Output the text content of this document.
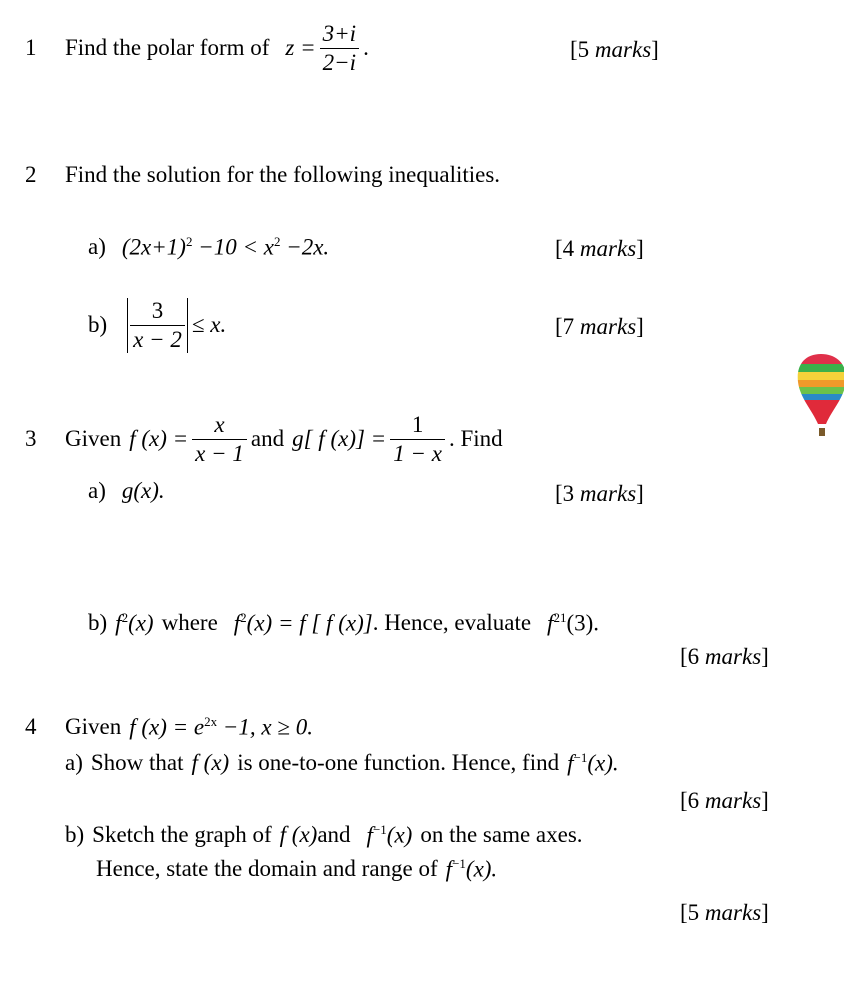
1 Find the polar form of $z = \frac{3+i}{2-i}$ .	[ 5 marks ]
2 Find the solution for the following inequalities.
a) $(2x+1)^2 -10 < x^2 -2x$.	[ 4 marks ]
$b) \frac{3}{x - 2} \le x$.	[ 7 marks ]
3 Given f $(x) = \frac{x}{x - 1}$ and g[ f $(x)] = \frac{1}{1 - x}$ . Find
a) g(x).	[ 3 marks ]
b) $f^2(x)$ where $f^2(x) = f$ [ f (x)] . Hence, evaluate $f^{21}(3)$.
[ 6 marks ]
4 Given f $(x) = e^{2x} -1$, x ≥ 0.
a) Show that f (x) is one-to-one function. Hence, find $f^{-1}(x)$.
[ 6 marks ]
b) Sketch the graph of f (x) and $f^{-1}(x)$ on the same axes.
Hence, state the domain and range of $f^{-1}(x)$.
[ 5 marks ]
